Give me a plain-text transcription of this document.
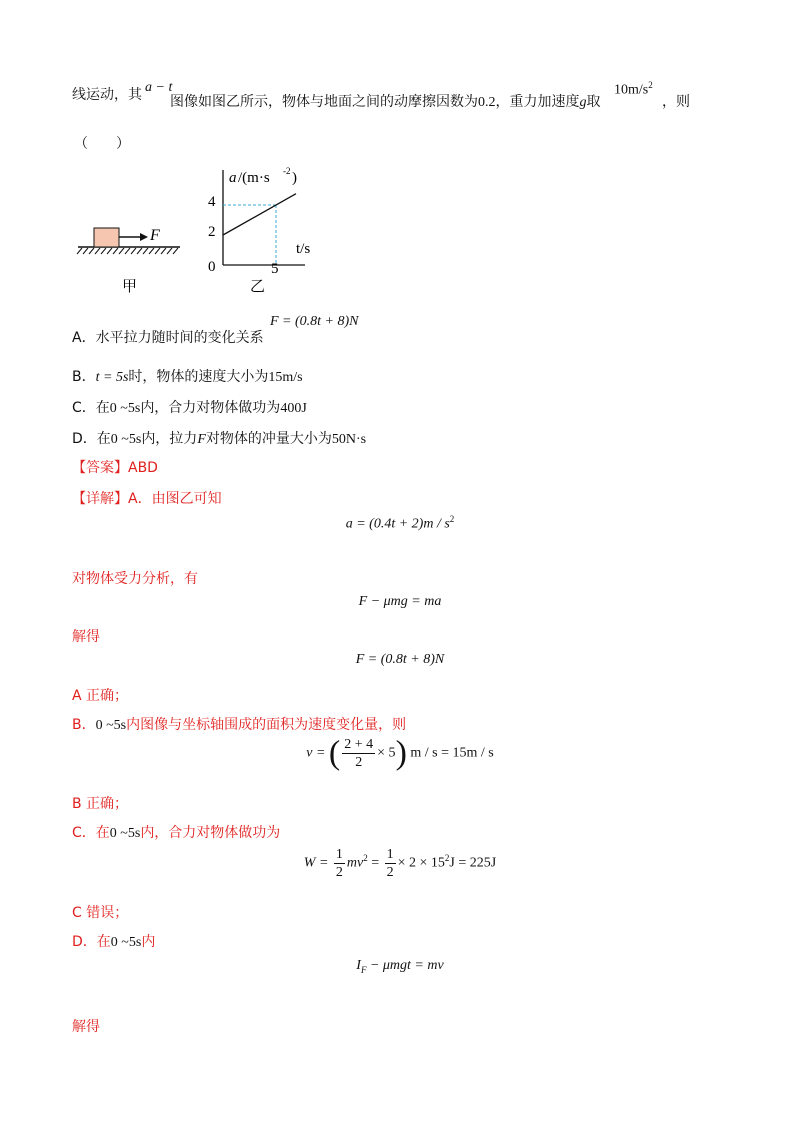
线运动，其 a − t
图像如图乙所示，物体与地面之间的动摩擦因数为0.2，重力加速度g取
$10m/s^2$
，则
（　　）
F
甲
a /(m·s -2 )
t/s
4
2
0	5
乙
A．水平拉力随时间的变化关系
F = (0.8t + 8)N
B．t = 5s时，物体的速度大小为15m/s
C．在0 ~5s内，合力对物体做功为400J
D．在0 ~5s内，拉力F对物体的冲量大小为50N·s
【答案】ABD
【详解】A．由图乙可知
$a = (0.4t + 2)m / s^2$
对物体受力分析，有
F − μmg = ma
解得
F = (0.8t + 8)N
A 正确；
B．0 ~5s内图像与坐标轴围成的面积为速度变化量，则
v = ( $\frac{2 + 4}{2} \times 5$) m / s = 15m / s
B 正确；
C．在0 ~5s内，合力对物体做功为
$W = \frac{1}{2} mv^2 = \frac{1}{2} \times 2 \times 15^2J = 225J$
C 错误；
D．在0 ~5s内
$I_F - \mu mgt$ = mv
解得
